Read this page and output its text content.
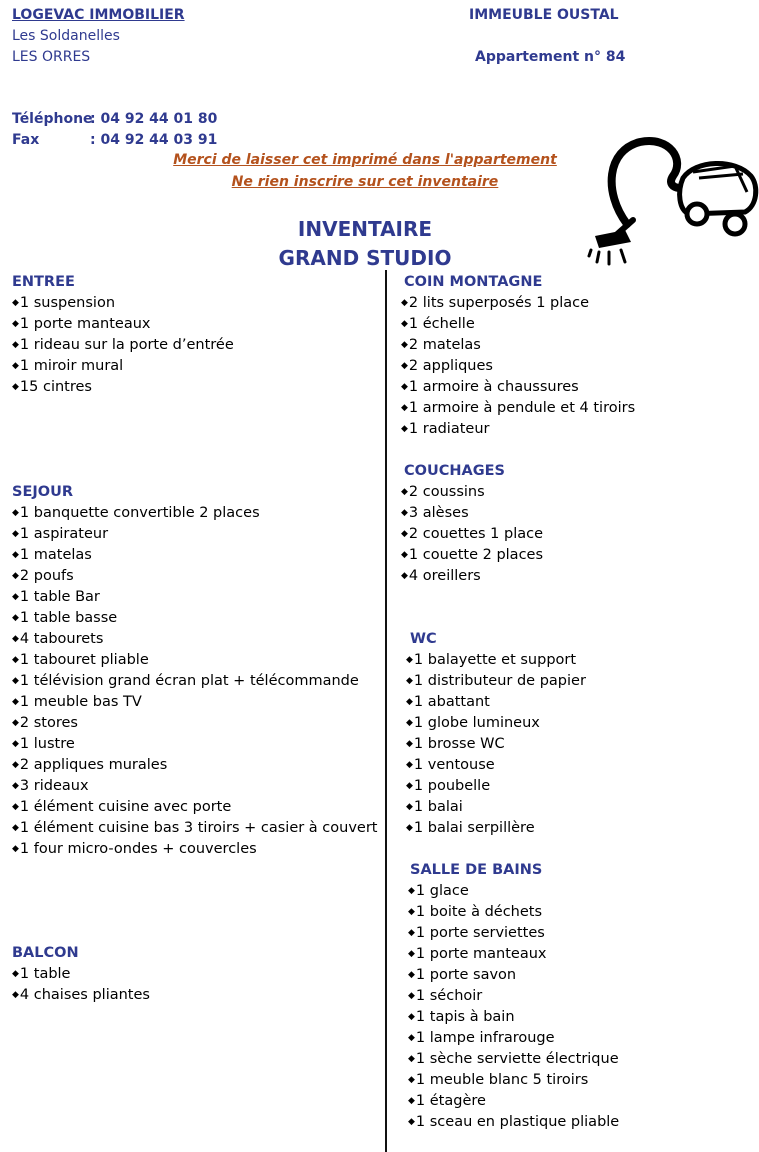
LOGEVAC IMMOBILIER
Les Soldanelles
LES ORRES
IMMEUBLE OUSTAL
Appartement n° 84
Téléphone
: 04 92 44 01 80
Fax	: 04 92 44 03 91
Merci de laisser cet imprimé dans l'appartement
Ne rien inscrire sur cet inventaire
INVENTAIRE
GRAND STUDIO
ENTREE
◆1 suspension
◆1 porte manteaux
◆1 rideau sur la porte d’entrée
◆1 miroir mural
◆15 cintres
SEJOUR
◆1 banquette convertible 2 places
◆1 aspirateur
◆1 matelas
◆2 poufs
◆1 table Bar
◆1 table basse
◆4 tabourets
◆1 tabouret pliable
◆1 télévision grand écran plat + télécommande
◆1 meuble bas TV
◆2 stores
◆1 lustre
◆2 appliques murales
◆3 rideaux
◆1 élément cuisine avec porte
◆1 élément cuisine bas 3 tiroirs + casier à couvert
◆1 four micro-ondes + couvercles
BALCON
◆1 table
◆4 chaises pliantes
COIN MONTAGNE
◆2 lits superposés 1 place
◆1 échelle
◆2 matelas
◆2 appliques
◆1 armoire à chaussures
◆1 armoire à pendule et 4 tiroirs
◆1 radiateur
COUCHAGES
◆2 coussins
◆3 alèses
◆2 couettes 1 place
◆1 couette 2 places
◆4 oreillers
WC
◆1 balayette et support
◆1 distributeur de papier
◆1 abattant
◆1 globe lumineux
◆1 brosse WC
◆1 ventouse
◆1 poubelle
◆1 balai
◆1 balai serpillère
SALLE DE BAINS
◆1 glace
◆1 boite à déchets
◆1 porte serviettes
◆1 porte manteaux
◆1 porte savon
◆1 séchoir
◆1 tapis à bain
◆1 lampe infrarouge
◆1 sèche serviette électrique
◆1 meuble blanc 5 tiroirs
◆1 étagère
◆1 sceau en plastique pliable
